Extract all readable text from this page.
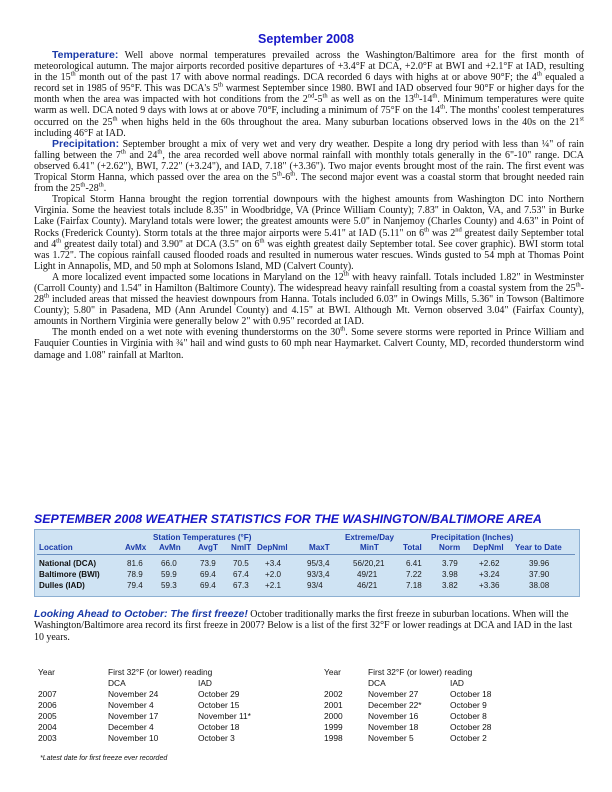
September 2008

Temperature: Well above normal temperatures prevailed across the Washington/Baltimore area for the first month of meteorological autumn. The major airports recorded positive departures of +3.4°F at DCA, +2.0°F at BWI and +2.1°F at IAD, resulting in the 15th month out of the past 17 with above normal readings. DCA recorded 6 days with highs at or above 90°F; the 4th equaled a record set in 1985 of 95°F. This was DCA's 5th warmest September since 1980. BWI and IAD observed four 90°F or higher days for the month when the area was impacted with hot conditions from the 2nd-5th as well as on the 13th-14th. Minimum temperatures were quite warm as well. DCA noted 9 days with lows at or above 70°F, including a minimum of 75°F on the 14th. The months' coolest temperatures occurred on the 25th when highs held in the 60s throughout the area. Many suburban locations observed lows in the 40s on the 21st including 46°F at IAD.

Precipitation: September brought a mix of very wet and very dry weather. Despite a long dry period with less than ¼" of rain falling between the 7th and 24th, the area recorded well above normal rainfall with monthly totals generally in the 6"-10" range. DCA observed 6.41" (+2.62"), BWI, 7.22" (+3.24"), and IAD, 7.18" (+3.36"). Two major events brought most of the rain. The first event was Tropical Storm Hanna, which passed over the area on the 5th-6th. The second major event was a coastal storm that brought needed rain from the 25th-28th.

Tropical Storm Hanna brought the region torrential downpours with the highest amounts from Washington DC into Northern Virginia. Some the heaviest totals include 8.35" in Woodbridge, VA (Prince William County); 7.83" in Oakton, VA, and 7.53" in Burke Lake (Fairfax County). Maryland totals were lower; the greatest amounts were 5.0" in Nanjemoy (Charles County) and 4.63" in Point of Rocks (Frederick County). Storm totals at the three major airports were 5.41" at IAD (5.11" on 6th was 2nd greatest daily September total and 4th greatest daily total) and 3.90" at DCA (3.5" on 6th was eighth greatest daily September total. See cover graphic). BWI storm total was 1.72". The copious rainfall caused flooded roads and resulted in numerous water rescues. Winds gusted to 54 mph at Thomas Point Light in Annapolis, MD, and 50 mph at Solomons Island, MD (Calvert County).

A more localized event impacted some locations in Maryland on the 12th with heavy rainfall. Totals included 1.82" in Westminster (Carroll County) and 1.54" in Hamilton (Baltimore County). The widespread heavy rainfall resulting from a coastal system from the 25th-28th included areas that missed the heaviest downpours from Hanna. Totals included 6.03" in Owings Mills, 5.36" in Towson (Baltimore County); 5.80" in Pasadena, MD (Ann Arundel County) and 4.15" at BWI. Although Mt. Vernon observed 3.04" (Fairfax County), amounts in Northern Virginia were generally below 2" with 0.95" recorded at IAD.

The month ended on a wet note with evening thunderstorms on the 30th. Some severe storms were reported in Prince William and Fauquier Counties in Virginia with ¾" hail and wind gusts to 60 mph near Haymarket. Calvert County, MD, recorded thunderstorm wind damage and 1.08" rainfall at Marlton.

SEPTEMBER 2008 WEATHER STATISTICS FOR THE WASHINGTON/BALTIMORE AREA
Station Temperatures (°F)	Extreme/Day	Precipitation (Inches)
Location	AvMx AvMn AvgT NmlT DepNml	MaxT	MinT	Total Norm DepNml Year to Date
National (DCA)	81.6 66.0	73.9 70.5 +3.4	95/3,4	56/20,21	6.41 3.79	+2.62	39.96
Baltimore (BWI)	78.9 59.9	69.4 67.4 +2.0	93/3,4	49/21	7.22 3.98	+3.24	37.90
Dulles (IAD)	79.4 59.3	69.4 67.3 +2.1	93/4	46/21	7.18 3.82	+3.36	38.08
Looking Ahead to October: The first freeze! October traditionally marks the first freeze in suburban locations. When will the Washington/Baltimore area record its first freeze in 2007? Below is a list of the first 32°F or lower readings at DCA and IAD in the last 10 years.
Year	First 32°F (or lower) reading
DCA	IAD
2007	November 24	October 29
2006	November 4	October 15
2005	November 17	November 11*
2004	December 4	October 18
2003	November 10	October 3
Year	First 32°F (or lower) reading
DCA	IAD
2002	November 27	October 18
2001	December 22*	October 9
2000	November 16	October 8
1999	November 18	October 28
1998	November 5	October 2
*Latest date for first freeze ever recorded
